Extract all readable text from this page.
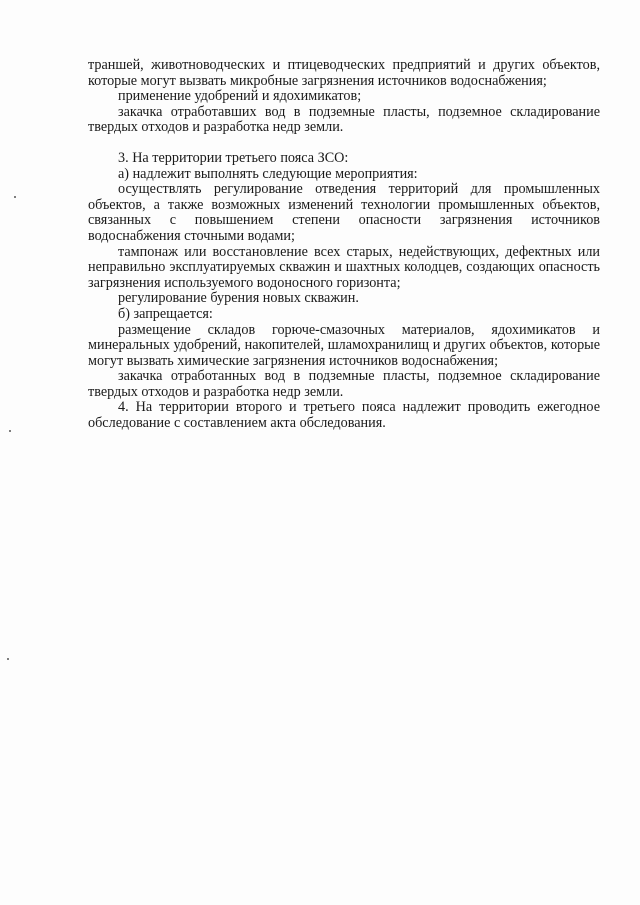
траншей, животноводческих и птицеводческих предприятий и других объектов, которые могут вызвать микробные загрязнения источников водоснабжения;

применение удобрений и ядохимикатов;

закачка отработавших вод в подземные пласты, подземное складирование твердых отходов и разработка недр земли.

3. На территории третьего пояса ЗСО:

а) надлежит выполнять следующие мероприятия:

осуществлять регулирование отведения территорий для промышленных объектов, а также возможных изменений технологии промышленных объектов, связанных с повышением степени опасности загрязнения источников водоснабжения сточными водами;

тампонаж или восстановление всех старых, недействующих, дефектных или неправильно эксплуатируемых скважин и шахтных колодцев, создающих опасность загрязнения используемого водоносного горизонта;

регулирование бурения новых скважин.

б) запрещается:

размещение складов горюче-смазочных материалов, ядохимикатов и минеральных удобрений, накопителей, шламохранилищ и других объектов, которые могут вызвать химические загрязнения источников водоснабжения;

закачка отработанных вод в подземные пласты, подземное складирование твердых отходов и разработка недр земли.

4. На территории второго и третьего пояса надлежит проводить ежегодное обследование с составлением акта обследования.
